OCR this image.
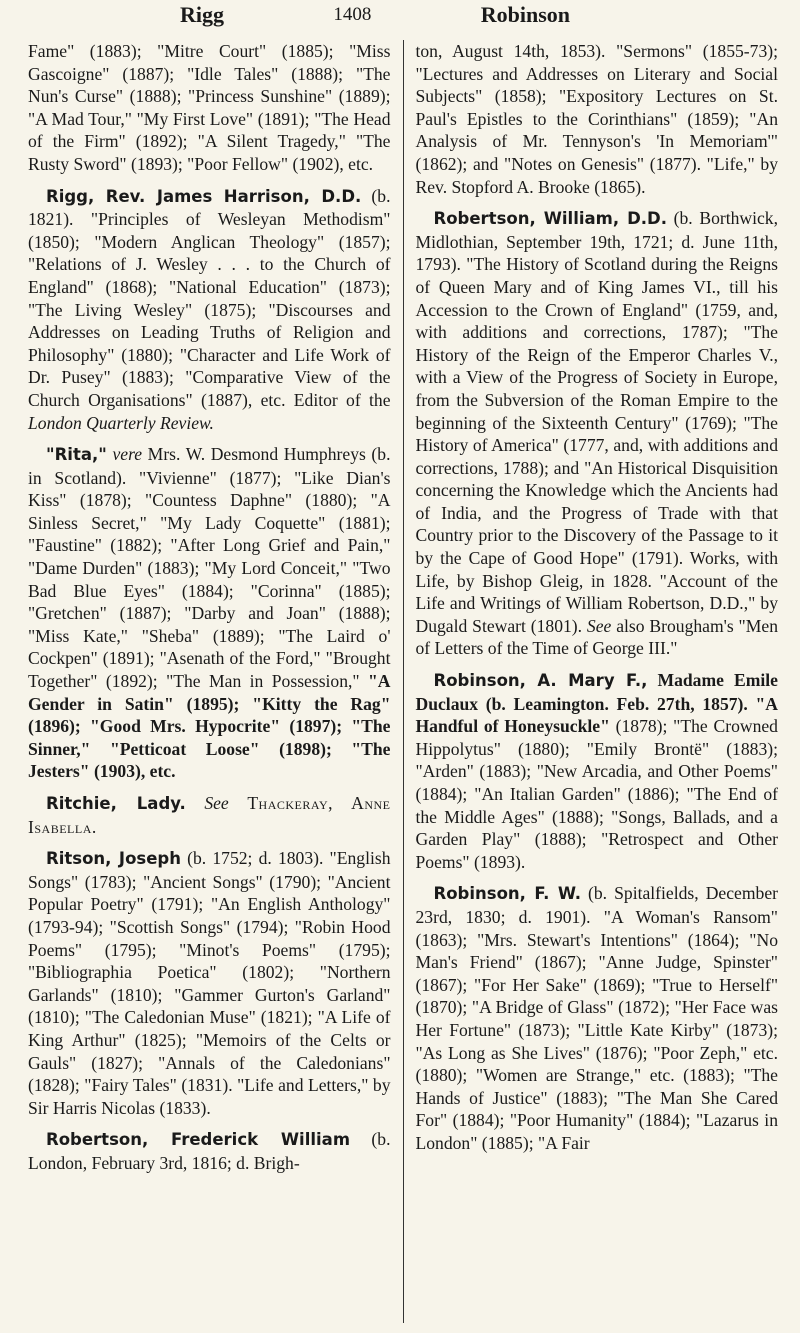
Rigg	1408	Robinson

Fame" (1883); "Mitre Court" (1885); "Miss Gascoigne" (1887); "Idle Tales" (1888); "The Nun's Curse" (1888); "Princess Sunshine" (1889); "A Mad Tour," "My First Love" (1891); "The Head of the Firm" (1892); "A Silent Tragedy," "The Rusty Sword" (1893); "Poor Fellow" (1902), etc.

Rigg, Rev. James Harrison, D.D. (b. 1821). "Principles of Wesleyan Methodism" (1850); "Modern Anglican Theology" (1857); "Relations of J. Wesley . . . to the Church of England" (1868); "National Education" (1873); "The Living Wesley" (1875); "Discourses and Addresses on Leading Truths of Religion and Philosophy" (1880); "Character and Life Work of Dr. Pusey" (1883); "Comparative View of the Church Organisations" (1887), etc. Editor of the London Quarterly Review.

"Rita," vere Mrs. W. Desmond Humphreys (b. in Scotland). "Vivienne" (1877); "Like Dian's Kiss" (1878); "Countess Daphne" (1880); "A Sinless Secret," "My Lady Coquette" (1881); "Faustine" (1882); "After Long Grief and Pain," "Dame Durden" (1883); "My Lord Conceit," "Two Bad Blue Eyes" (1884); "Corinna" (1885); "Gretchen" (1887); "Darby and Joan" (1888); "Miss Kate," "Sheba" (1889); "The Laird o' Cockpen" (1891); "Asenath of the Ford," "Brought Together" (1892); "The Man in Possession," "A Gender in Satin" (1895); "Kitty the Rag" (1896); "Good Mrs. Hypocrite" (1897); "The Sinner," "Petticoat Loose" (1898); "The Jesters" (1903), etc.

Ritchie, Lady. See Thackeray, Anne Isabella.

Ritson, Joseph (b. 1752; d. 1803). "English Songs" (1783); "Ancient Songs" (1790); "Ancient Popular Poetry" (1791); "An English Anthology" (1793-94); "Scottish Songs" (1794); "Robin Hood Poems" (1795); "Minot's Poems" (1795); "Bibliographia Poetica" (1802); "Northern Garlands" (1810); "Gammer Gurton's Garland" (1810); "The Caledonian Muse" (1821); "A Life of King Arthur" (1825); "Memoirs of the Celts or Gauls" (1827); "Annals of the Caledonians" (1828); "Fairy Tales" (1831). "Life and Letters," by Sir Harris Nicolas (1833).

Robertson, Frederick William (b. London, February 3rd, 1816; d. Brigh-

ton, August 14th, 1853). "Sermons" (1855-73); "Lectures and Addresses on Literary and Social Subjects" (1858); "Expository Lectures on St. Paul's Epistles to the Corinthians" (1859); "An Analysis of Mr. Tennyson's 'In Memoriam'" (1862); and "Notes on Genesis" (1877). "Life," by Rev. Stopford A. Brooke (1865).

Robertson, William, D.D. (b. Borthwick, Midlothian, September 19th, 1721; d. June 11th, 1793). "The History of Scotland during the Reigns of Queen Mary and of King James VI., till his Accession to the Crown of England" (1759, and, with additions and corrections, 1787); "The History of the Reign of the Emperor Charles V., with a View of the Progress of Society in Europe, from the Subversion of the Roman Empire to the beginning of the Sixteenth Century" (1769); "The History of America" (1777, and, with additions and corrections, 1788); and "An Historical Disquisition concerning the Knowledge which the Ancients had of India, and the Progress of Trade with that Country prior to the Discovery of the Passage to it by the Cape of Good Hope" (1791). Works, with Life, by Bishop Gleig, in 1828. "Account of the Life and Writings of William Robertson, D.D.," by Dugald Stewart (1801). See also Brougham's "Men of Letters of the Time of George III."

Robinson, A. Mary F., Madame Emile Duclaux (b. Leamington. Feb. 27th, 1857). "A Handful of Honeysuckle" (1878); "The Crowned Hippolytus" (1880); "Emily Brontë" (1883); "Arden" (1883); "New Arcadia, and Other Poems" (1884); "An Italian Garden" (1886); "The End of the Middle Ages" (1888); "Songs, Ballads, and a Garden Play" (1888); "Retrospect and Other Poems" (1893).

Robinson, F. W. (b. Spitalfields, December 23rd, 1830; d. 1901). "A Woman's Ransom" (1863); "Mrs. Stewart's Intentions" (1864); "No Man's Friend" (1867); "Anne Judge, Spinster" (1867); "For Her Sake" (1869); "True to Herself" (1870); "A Bridge of Glass" (1872); "Her Face was Her Fortune" (1873); "Little Kate Kirby" (1873); "As Long as She Lives" (1876); "Poor Zeph," etc. (1880); "Women are Strange," etc. (1883); "The Hands of Justice" (1883); "The Man She Cared For" (1884); "Poor Humanity" (1884); "Lazarus in London" (1885); "A Fair
